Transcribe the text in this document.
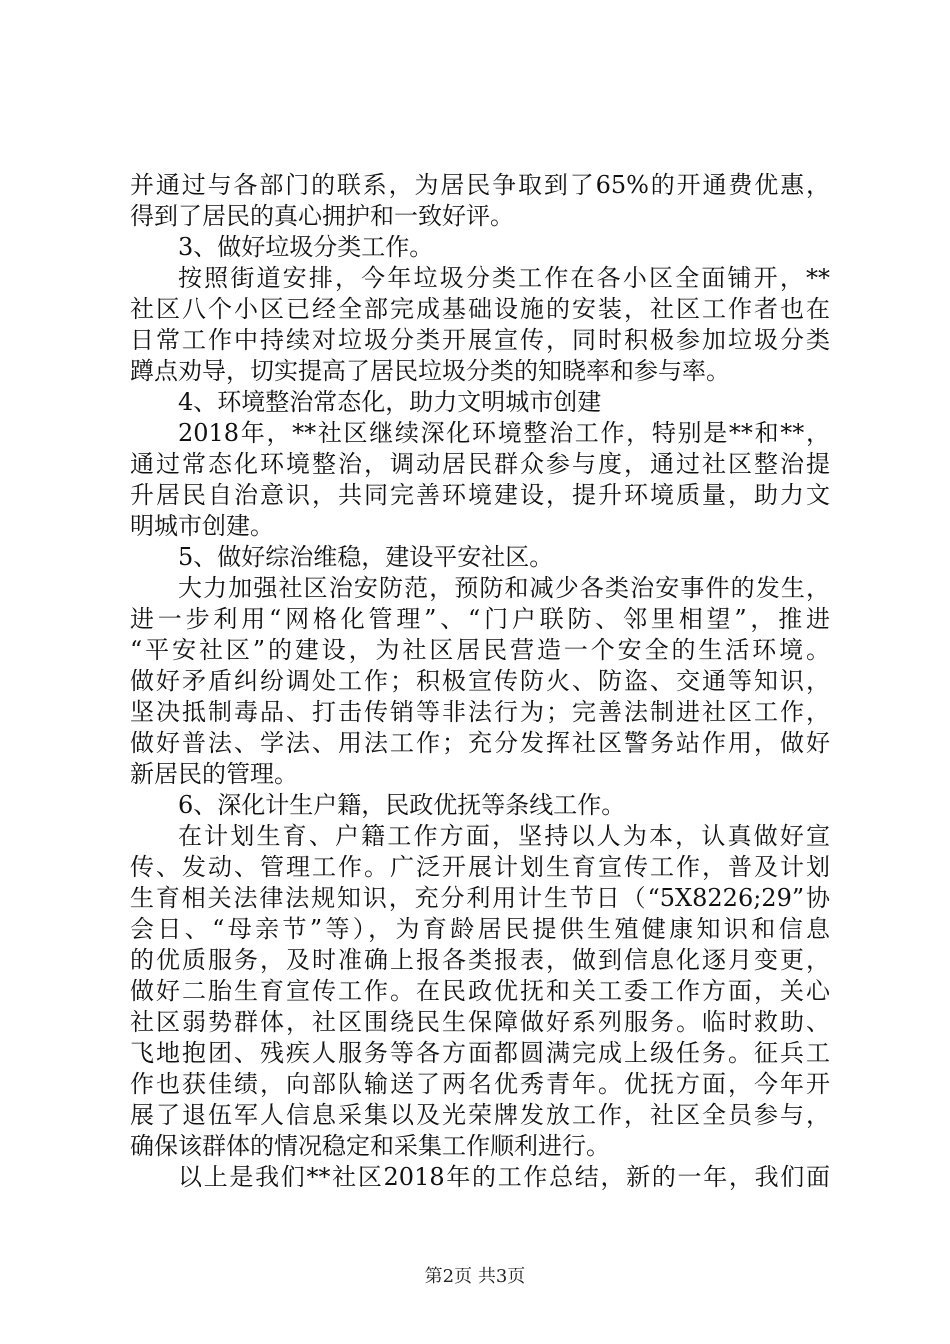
并通过与各部门的联系，为居民争取到了65%的开通费优惠，
得到了居民的真心拥护和一致好评。
3、做好垃圾分类工作。
按照街道安排，今年垃圾分类工作在各小区全面铺开，**
社区八个小区已经全部完成基础设施的安装，社区工作者也在
日常工作中持续对垃圾分类开展宣传，同时积极参加垃圾分类
蹲点劝导，切实提高了居民垃圾分类的知晓率和参与率。
4、环境整治常态化，助力文明城市创建
2018年，**社区继续深化环境整治工作，特别是**和**，
通过常态化环境整治，调动居民群众参与度，通过社区整治提
升居民自治意识，共同完善环境建设，提升环境质量，助力文
明城市创建。
5、做好综治维稳，建设平安社区。
大力加强社区治安防范，预防和减少各类治安事件的发生，
进一步利用“网格化管理”、“门户联防、邻里相望”，推进
“平安社区”的建设，为社区居民营造一个安全的生活环境。
做好矛盾纠纷调处工作；积极宣传防火、防盗、交通等知识，
坚决抵制毒品、打击传销等非法行为；完善法制进社区工作，
做好普法、学法、用法工作；充分发挥社区警务站作用，做好
新居民的管理。
6、深化计生户籍，民政优抚等条线工作。
在计划生育、户籍工作方面，坚持以人为本，认真做好宣
传、发动、管理工作。广泛开展计划生育宣传工作，普及计划
生育相关法律法规知识，充分利用计生节日（“5X8226;29”协
会日、“母亲节”等），为育龄居民提供生殖健康知识和信息
的优质服务，及时准确上报各类报表，做到信息化逐月变更，
做好二胎生育宣传工作。在民政优抚和关工委工作方面，关心
社区弱势群体，社区围绕民生保障做好系列服务。临时救助、
飞地抱团、残疾人服务等各方面都圆满完成上级任务。征兵工
作也获佳绩，向部队输送了两名优秀青年。优抚方面，今年开
展了退伍军人信息采集以及光荣牌发放工作，社区全员参与，
确保该群体的情况稳定和采集工作顺利进行。
以上是我们**社区2018年的工作总结，新的一年，我们面
第2页 共3页
